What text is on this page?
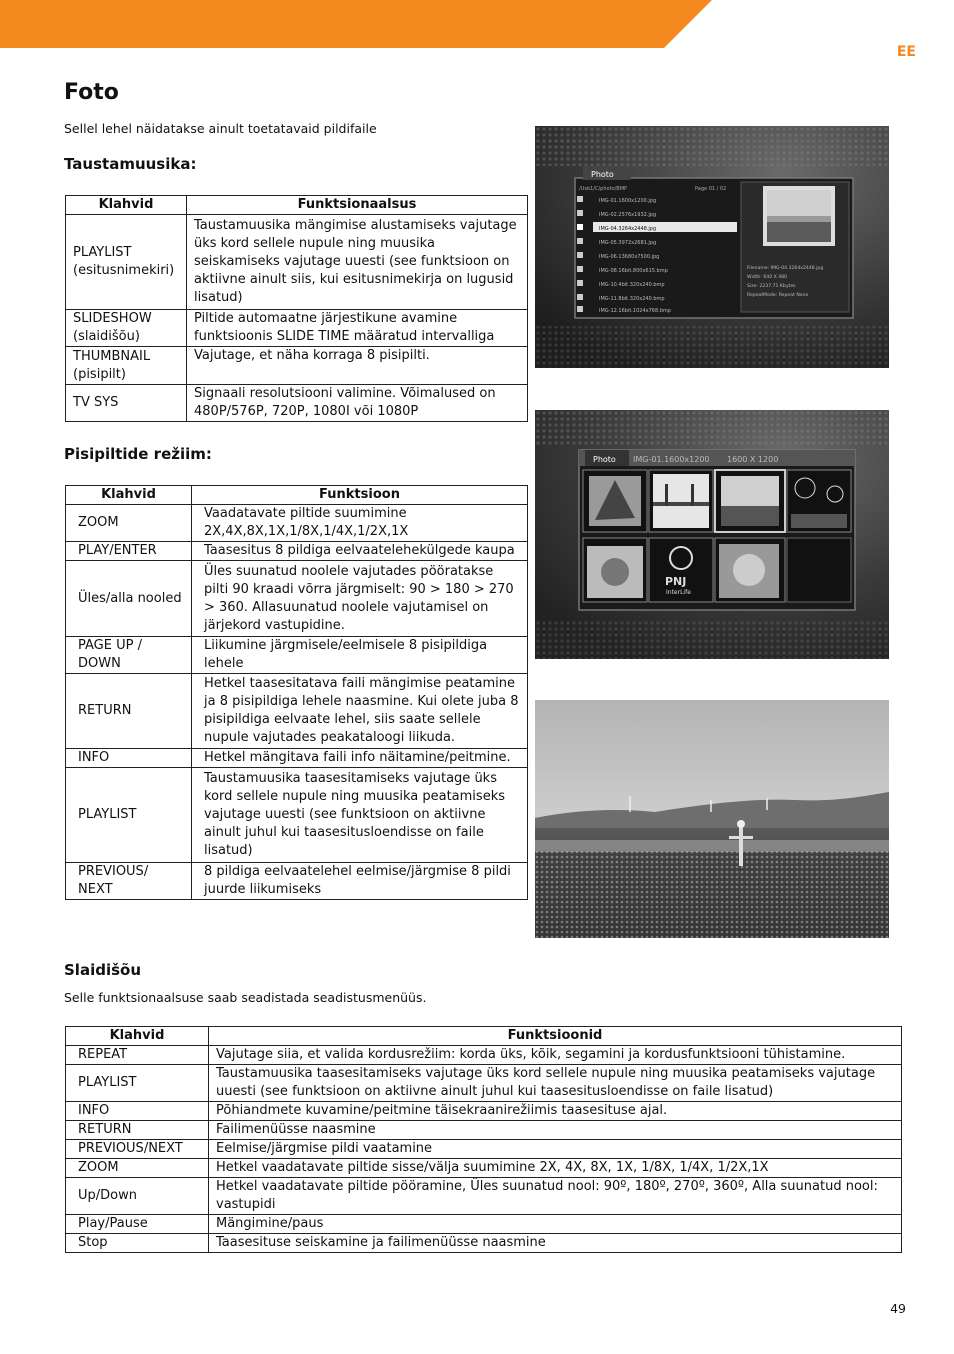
EE
Foto
Sellel lehel näidatakse ainult toetatavaid pildifaile
Taustamuusika:
Klahvid	Funktsionaalsus
PLAYLIST (esitusnimekiri)	Taustamuusika mängimise alustamiseks vajutage üks kord sellele nupule ning muusika seiskamiseks vajutage uuesti (see funktsioon on aktiivne ainult siis, kui esitusnimekirja on lugusid lisatud)
SLIDESHOW (slaidišõu)	Piltide automaatne järjestikune avamine funktsioonis SLIDE TIME määratud intervalliga
THUMBNAIL (pisipilt)	Vajutage, et näha korraga 8 pisipilti.
TV SYS	Signaali resolutsiooni valimine. Võimalused on 480P/576P, 720P, 1080I või 1080P
Pisipiltide režiim:
Klahvid	Funktsioon
ZOOM	Vaadatavate piltide suumimine 2X,4X,8X,1X,1/8X,1/4X,1/2X,1X
PLAY/ENTER	Taasesitus 8 pildiga eelvaatelehekülgede kaupa
Üles/alla nooled	Üles suunatud noolele vajutades pööratakse pilti 90 kraadi võrra järgmiselt: 90 > 180 > 270 > 360. Allasuunatud noolele vajutamisel on järjekord vastupidine.
PAGE UP / DOWN	Liikumine järgmisele/eelmisele 8 pisipildiga lehele
RETURN	Hetkel taasesitatava faili mängimise peatamine ja 8 pisipildiga lehele naasmine. Kui olete juba 8 pisipildiga eelvaate lehel, siis saate sellele nupule vajutades peakataloogi liikuda.
INFO	Hetkel mängitava faili info näitamine/peitmine.
PLAYLIST	Taustamuusika taasesitamiseks vajutage üks kord sellele nupule ning muusika peatamiseks vajutage uuesti (see funktsioon on aktiivne ainult juhul kui taasesitusloendisse on faile lisatud)
PREVIOUS/ NEXT	8 pildiga eelvaatelehel eelmise/järgmise 8 pildi juurde liikumiseks
Slaidišõu
Selle funktsionaalsuse saab seadistada seadistusmenüüs.
Klahvid	Funktsioonid
REPEAT	Vajutage siia, et valida kordusrežiim: korda üks, kõik, segamini ja kordusfunktsiooni tühistamine.
PLAYLIST	Taustamuusika taasesitamiseks vajutage üks kord sellele nupule ning muusika peatamiseks vajutage uuesti (see funktsioon on aktiivne ainult juhul kui taasesitusloendisse on faile lisatud)
INFO	Põhiandmete kuvamine/peitmine täisekraanirežiimis taasesituse ajal.
RETURN	Failimenüüsse naasmine
PREVIOUS/NEXT	Eelmise/järgmise pildi vaatamine
ZOOM	Hetkel vaadatavate piltide sisse/välja suumimine 2X, 4X, 8X, 1X, 1/8X, 1/4X, 1/2X,1X
Up/Down	Hetkel vaadatavate piltide pööramine, Üles suunatud nool: 90º, 180º, 270º, 360º, Alla suunatud nool: vastupidi
Play/Pause	Mängimine/paus
Stop	Taasesituse seiskamine ja failimenüüsse naasmine
Photo
/Usb1/C/photo/BMP	Page 01 / 02
IMG-01.1600x1200.jpg
IMG-02.2576x1932.jpg
IMG-04.3264x2448.jpg
IMG-05.3972x2681.jpg
IMG-06.13680x7500.jpg
IMG-08.16bit.800x615.bmp
IMG-10.4bit.320x240.bmp
IMG-11.8bit.320x240.bmp
IMG-12.16bit.1024x768.bmp
Filename: IMG-04.3264x2448.jpg
Width: 640 X 480
Size: 2237.71 Kbytes
RepeatMode: Repeat None
Photo IMG-01.1600x1200 1600 X 1200
PNJ
InterLife
49
